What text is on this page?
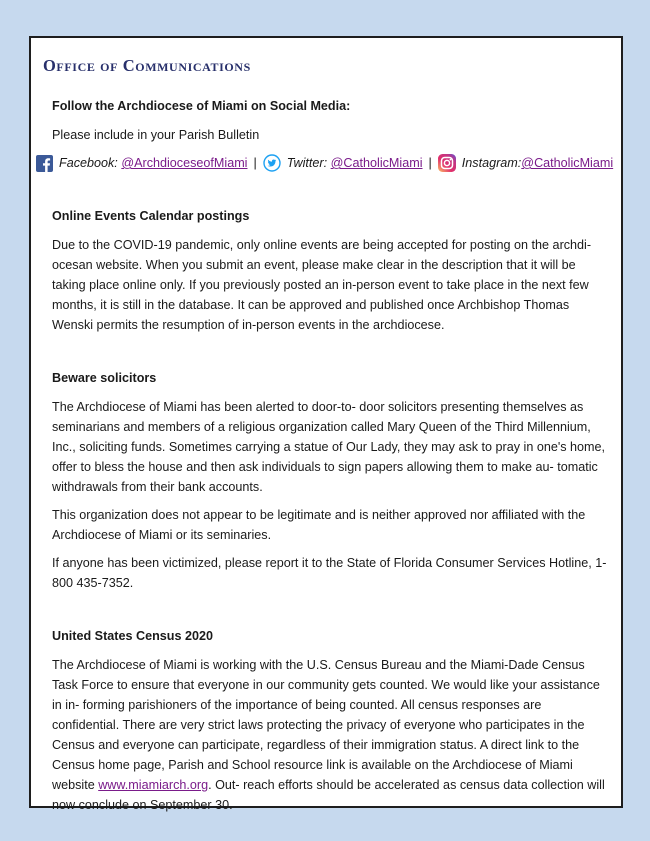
Office of Communications

Follow the Archdiocese of Miami on Social Media:

Please include in your Parish Bulletin

Facebook:
@ArchdioceseofMiami | Twitter:
@CatholicMiami | Instagram: @CatholicMiami

Online Events Calendar postings

Due to the COVID-19 pandemic, only online events are being accepted for posting on the archdi- ocesan website. When you submit an event, please make clear in the description that it will be taking place online only. If you previously posted an in-person event to take place in the next few months, it is still in the database. It can be approved and published once Archbishop Thomas Wenski permits the resumption of in-person events in the archdiocese.

Beware solicitors

The Archdiocese of Miami has been alerted to door-to- door solicitors presenting themselves as seminarians and members of a religious organization called Mary Queen of the Third Millennium, Inc., soliciting funds. Sometimes carrying a statue of Our Lady, they may ask to pray in one's home, offer to bless the house and then ask individuals to sign papers allowing them to make au- tomatic withdrawals from their bank accounts.

This organization does not appear to be legitimate and is neither approved nor affiliated with the Archdiocese of Miami or its seminaries.

If anyone has been victimized, please report it to the State of Florida Consumer Services Hotline, 1-800 435-7352.

United States Census 2020

The Archdiocese of Miami is working with the U.S. Census Bureau and the Miami-Dade Census Task Force to ensure that everyone in our community gets counted. We would like your assistance in in- forming parishioners of the importance of being counted. All census responses are confidential. There are very strict laws protecting the privacy of everyone who participates in the Census and everyone can participate, regardless of their immigration status. A direct link to the Census home page, Parish and School resource link is available on the Archdiocese of Miami website www.miamiarch.org. Out- reach efforts should be accelerated as census data collection will now conclude on September 30.
